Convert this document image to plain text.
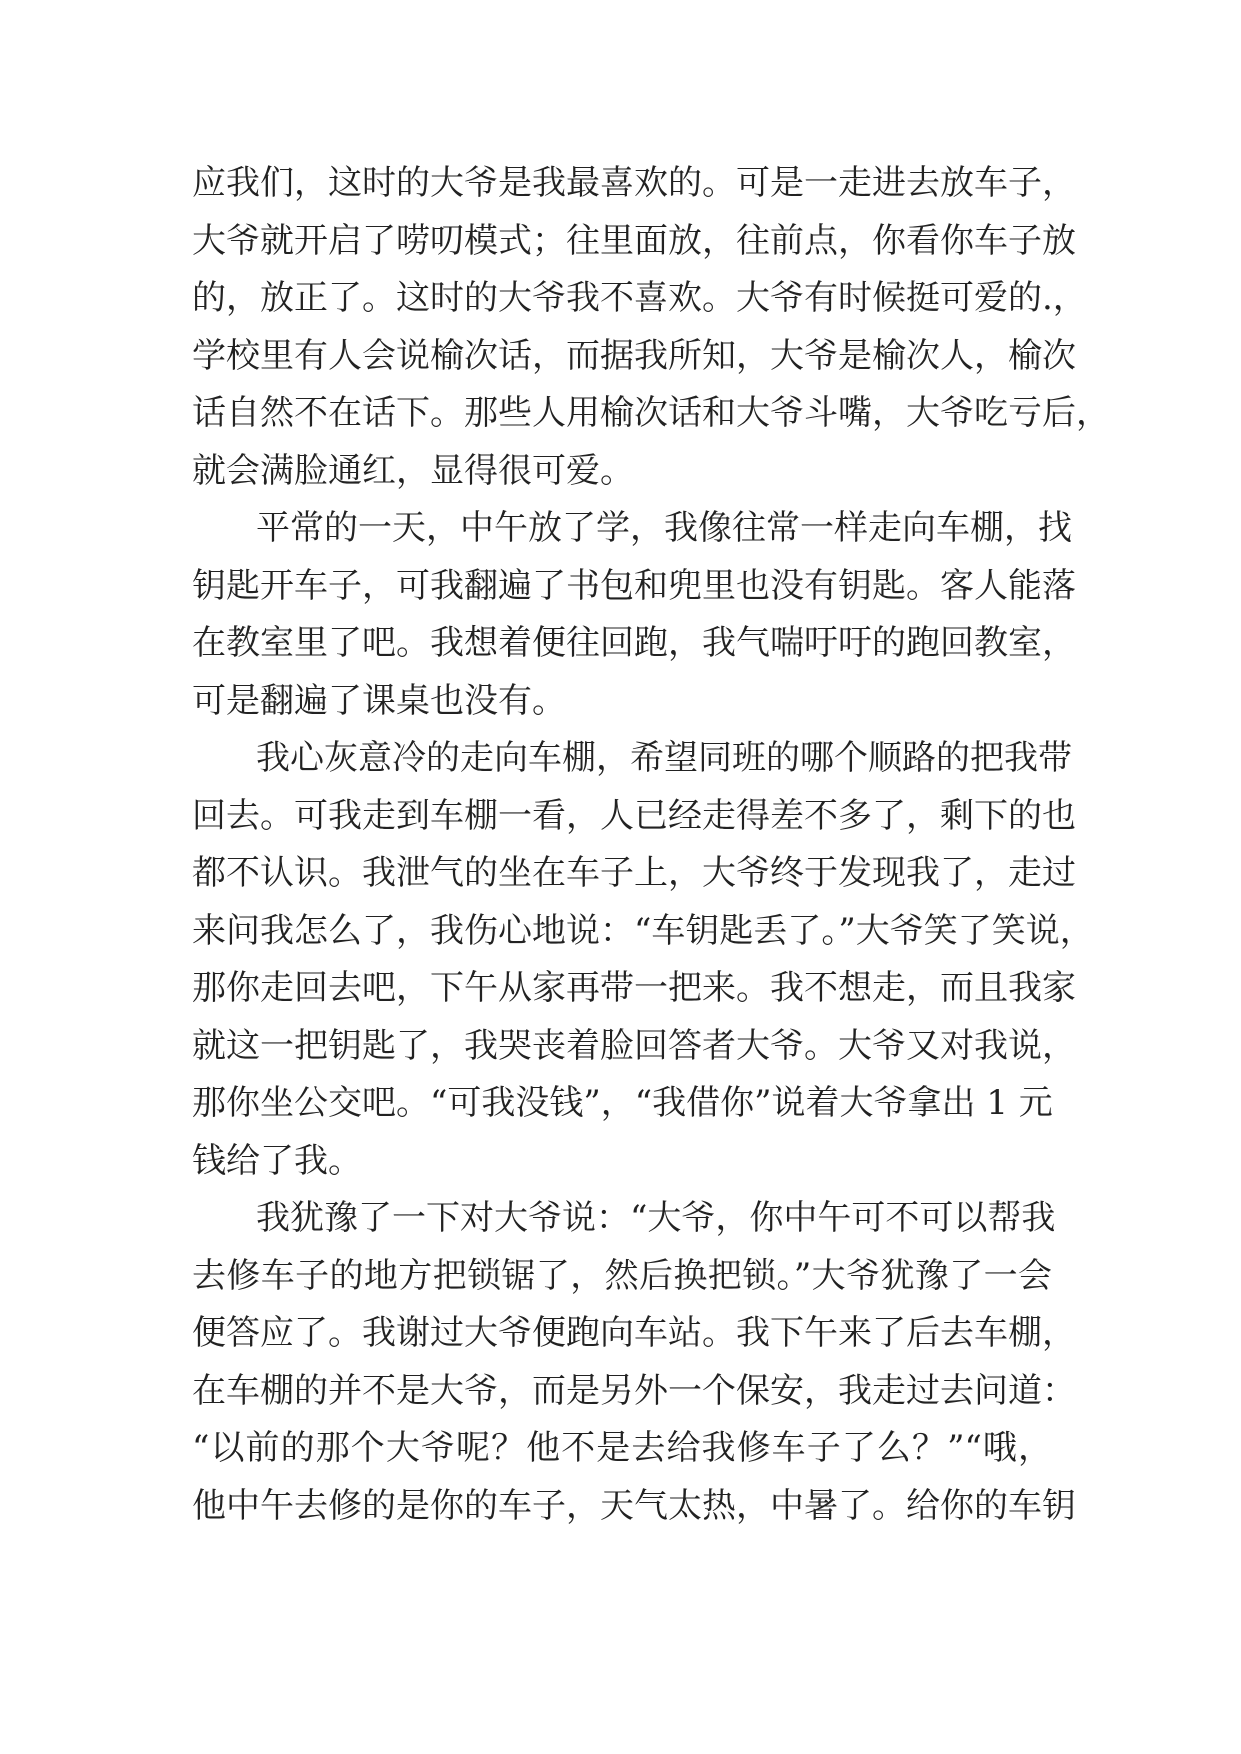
应我们，这时的大爷是我最喜欢的。可是一走进去放车子，
大爷就开启了唠叨模式；往里面放，往前点，你看你车子放
的，放正了。这时的大爷我不喜欢。大爷有时候挺可爱的.，
学校里有人会说榆次话，而据我所知，大爷是榆次人，榆次
话自然不在话下。那些人用榆次话和大爷斗嘴，大爷吃亏后，
就会满脸通红，显得很可爱。
平常的一天，中午放了学，我像往常一样走向车棚，找
钥匙开车子，可我翻遍了书包和兜里也没有钥匙。客人能落
在教室里了吧。我想着便往回跑，我气喘吁吁的跑回教室，
可是翻遍了课桌也没有。
我心灰意冷的走向车棚，希望同班的哪个顺路的把我带
回去。可我走到车棚一看，人已经走得差不多了，剩下的也
都不认识。我泄气的坐在车子上，大爷终于发现我了，走过
来问我怎么了，我伤心地说：“车钥匙丢了。”大爷笑了笑说，
那你走回去吧，下午从家再带一把来。我不想走，而且我家
就这一把钥匙了，我哭丧着脸回答者大爷。大爷又对我说，
那你坐公交吧。“可我没钱”，“我借你”说着大爷拿出 1 元
钱给了我。
我犹豫了一下对大爷说：“大爷，你中午可不可以帮我
去修车子的地方把锁锯了，然后换把锁。”大爷犹豫了一会
便答应了。我谢过大爷便跑向车站。我下午来了后去车棚，
在车棚的并不是大爷，而是另外一个保安，我走过去问道：
“以前的那个大爷呢？他不是去给我修车子了么？”“哦，
他中午去修的是你的车子，天气太热，中暑了。给你的车钥
